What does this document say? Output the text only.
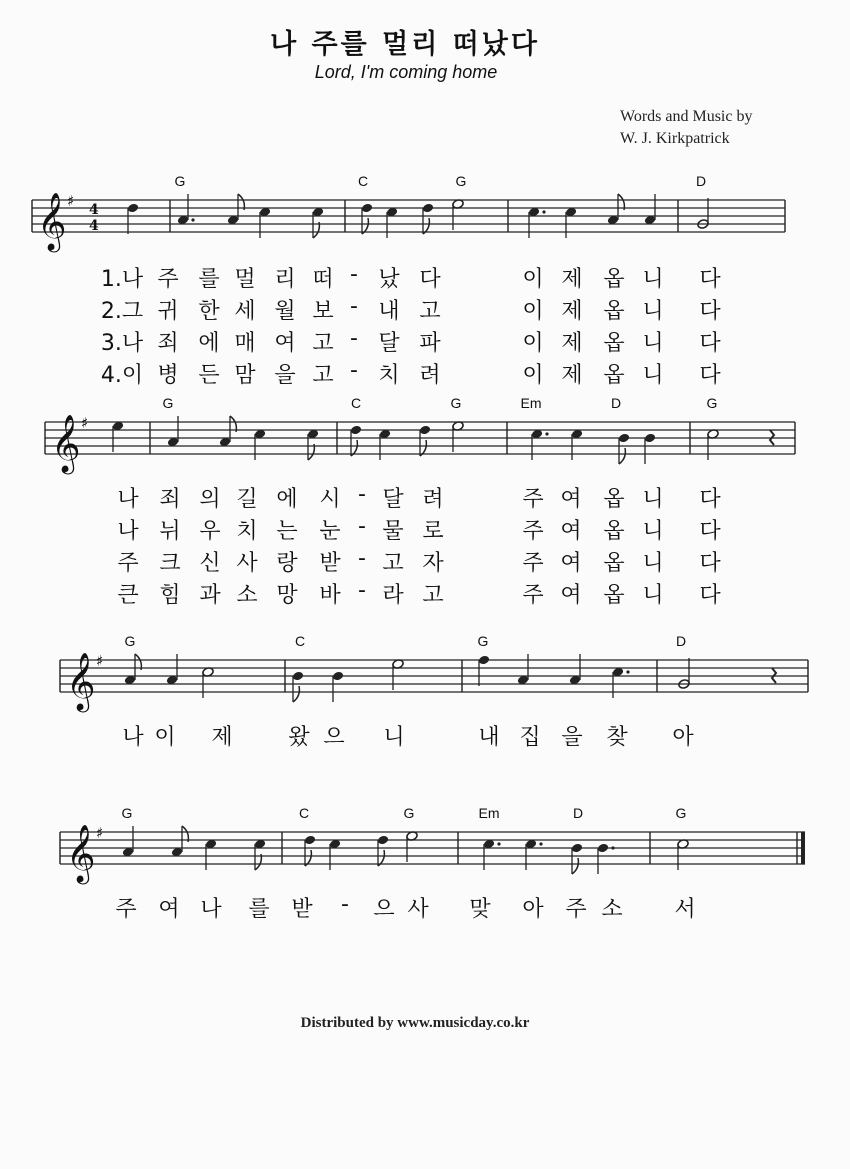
나 주를 멀리 떠났다
Lord, I'm coming home
Words and Music by
W. J. Kirkpatrick
𝄞 ♯ 4
4
G	C	G	D
1.나 주 를 멀 리 떠 - 났 다	이 제 옵 니 다
2.그 귀 한 세 월 보 - 내 고	이 제 옵 니 다
3.나 죄 에 매 여 고 - 달 파	이 제 옵 니 다
4.이 병 든 맘 을 고 - 치 려	이 제 옵 니 다
𝄞 ♯
G	C	G	Em	D	G
나 죄 의 길 에 시 - 달 려	주 여 옵 니 다
나 뉘 우 치 는 눈 - 물 로	주 여 옵 니 다
주 크 신 사 랑 받 - 고 자	주 여 옵 니 다
큰 힘 과 소 망 바 - 라 고	주 여 옵 니 다
𝄞 ♯
G	C	G	D
나 이 제	왔 으 니	내 집 을 찾 아
𝄞 ♯
G	C	G	Em	D	G
주 여 나 를 받 - 으 사 맞 아 주 소 서
Distributed by www.musicday.co.kr
